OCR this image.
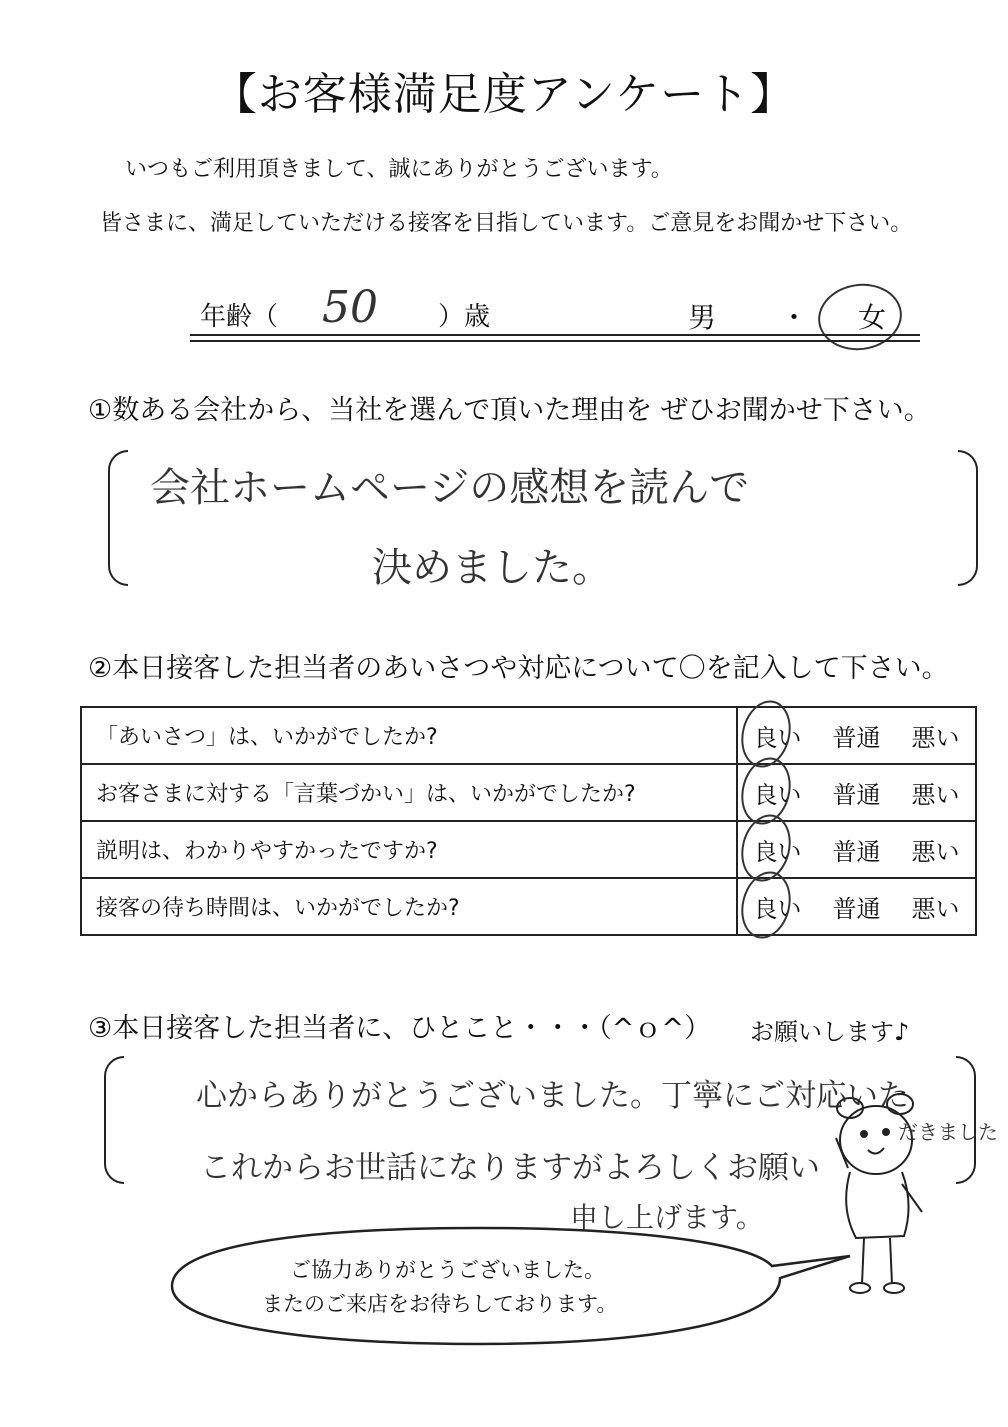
【お客様満足度アンケート】
いつもご利用頂きまして、誠にありがとうございます。
皆さまに、満足していただける接客を目指しています。ご意見をお聞かせ下さい。
年齢（ 50 ）歳	男 ・ 女
①数ある会社から、当社を選んで頂いた理由を ぜひお聞かせ下さい。
会社ホームページの感想を読んで
決めました。
②本日接客した担当者のあいさつや対応について〇を記入して下さい。
「あいさつ」は、いかがでしたか?	良い 普通 悪い

お客さまに対する「言葉づかい」は、いかがでしたか?	良い 普通 悪い

説明は、わかりやすかったですか?	良い 普通 悪い

接客の待ち時間は、いかがでしたか?	良い 普通 悪い
③本日接客した担当者に、ひとこと・・・（^ｏ^） お願いします♪
心からありがとうございました。丁寧にご対応いた
だきました
これからお世話になりますがよろしくお願い
申し上げます。
ご協力ありがとうございました。
またのご来店をお待ちしております。
